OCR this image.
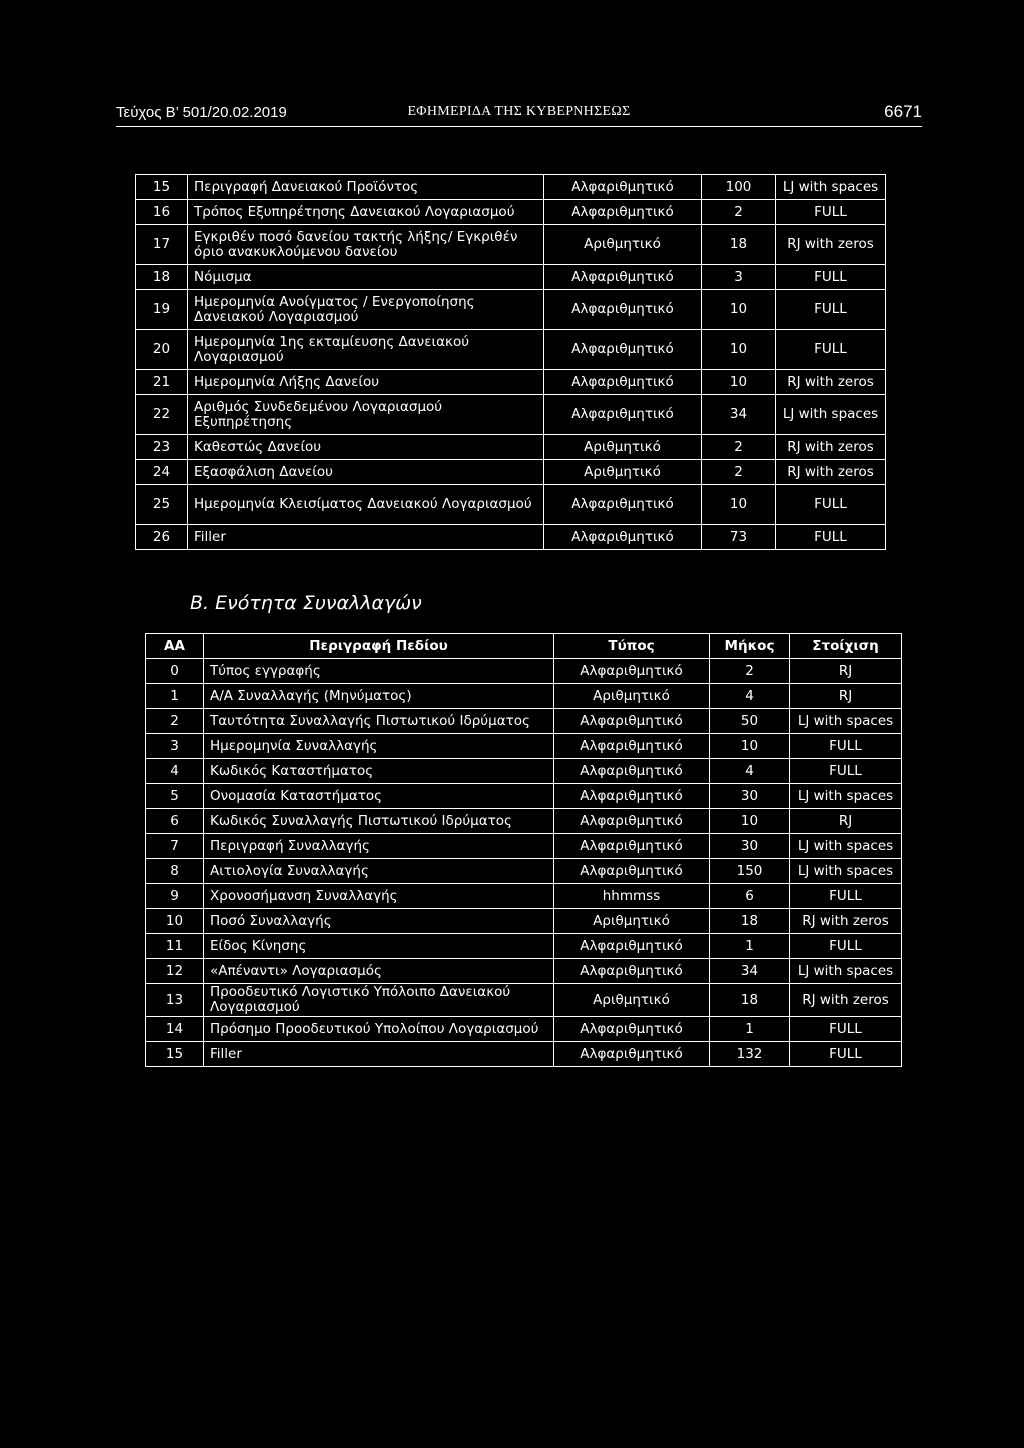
Τεύχος Β’ 501/20.02.2019	ΕΦΗΜΕΡΙΔΑ ΤΗΣ ΚΥΒΕΡΝΗΣΕΩΣ	6671
15	Περιγραφή Δανειακού Προϊόντος	Αλφαριθμητικό	100	LJ with spaces
16	Τρόπος Εξυπηρέτησης Δανειακού Λογαριασμού	Αλφαριθμητικό	2	FULL
17	Εγκριθέν ποσό δανείου τακτής λήξης/ Εγκριθέν όριο ανακυκλούμενου δανείου	Αριθμητικό	18	RJ with zeros
18	Νόμισμα	Αλφαριθμητικό	3	FULL
19	Ημερομηνία Ανοίγματος / Ενεργοποίησης Δανειακού Λογαριασμού	Αλφαριθμητικό	10	FULL
20	Ημερομηνία 1ης εκταμίευσης Δανειακού Λογαριασμού	Αλφαριθμητικό	10	FULL
21	Ημερομηνία Λήξης Δανείου	Αλφαριθμητικό	10	RJ with zeros
22	Αριθμός Συνδεδεμένου Λογαριασμού Εξυπηρέτησης	Αλφαριθμητικό	34	LJ with spaces
23	Καθεστώς Δανείου	Αριθμητικό	2	RJ with zeros
24	Εξασφάλιση Δανείου	Αριθμητικό	2	RJ with zeros
25	Ημερομηνία Κλεισίματος Δανειακού Λογαριασμού	Αλφαριθμητικό	10	FULL
26	Filler	Αλφαριθμητικό	73	FULL
Β. Ενότητα Συναλλαγών
ΑΑ	Περιγραφή Πεδίου	Τύπος	Μήκος	Στοίχιση
0	Τύπος εγγραφής	Αλφαριθμητικό	2	RJ
1	Α/Α Συναλλαγής (Μηνύματος)	Αριθμητικό	4	RJ
2	Ταυτότητα Συναλλαγής Πιστωτικού Ιδρύματος	Αλφαριθμητικό	50	LJ with spaces
3	Ημερομηνία Συναλλαγής	Αλφαριθμητικό	10	FULL
4	Κωδικός Καταστήματος	Αλφαριθμητικό	4	FULL
5	Ονομασία Καταστήματος	Αλφαριθμητικό	30	LJ with spaces
6	Κωδικός Συναλλαγής Πιστωτικού Ιδρύματος	Αλφαριθμητικό	10	RJ
7	Περιγραφή Συναλλαγής	Αλφαριθμητικό	30	LJ with spaces
8	Αιτιολογία Συναλλαγής	Αλφαριθμητικό	150	LJ with spaces
9	Χρονοσήμανση Συναλλαγής	hhmmss	6	FULL
10	Ποσό Συναλλαγής	Αριθμητικό	18	RJ with zeros
11	Είδος Κίνησης	Αλφαριθμητικό	1	FULL
12	«Απέναντι» Λογαριασμός	Αλφαριθμητικό	34	LJ with spaces
13	Προοδευτικό Λογιστικό Υπόλοιπο Δανειακού Λογαριασμού	Αριθμητικό	18	RJ with zeros
14	Πρόσημο Προοδευτικού Υπολοίπου Λογαριασμού	Αλφαριθμητικό	1	FULL
15	Filler	Αλφαριθμητικό	132	FULL
